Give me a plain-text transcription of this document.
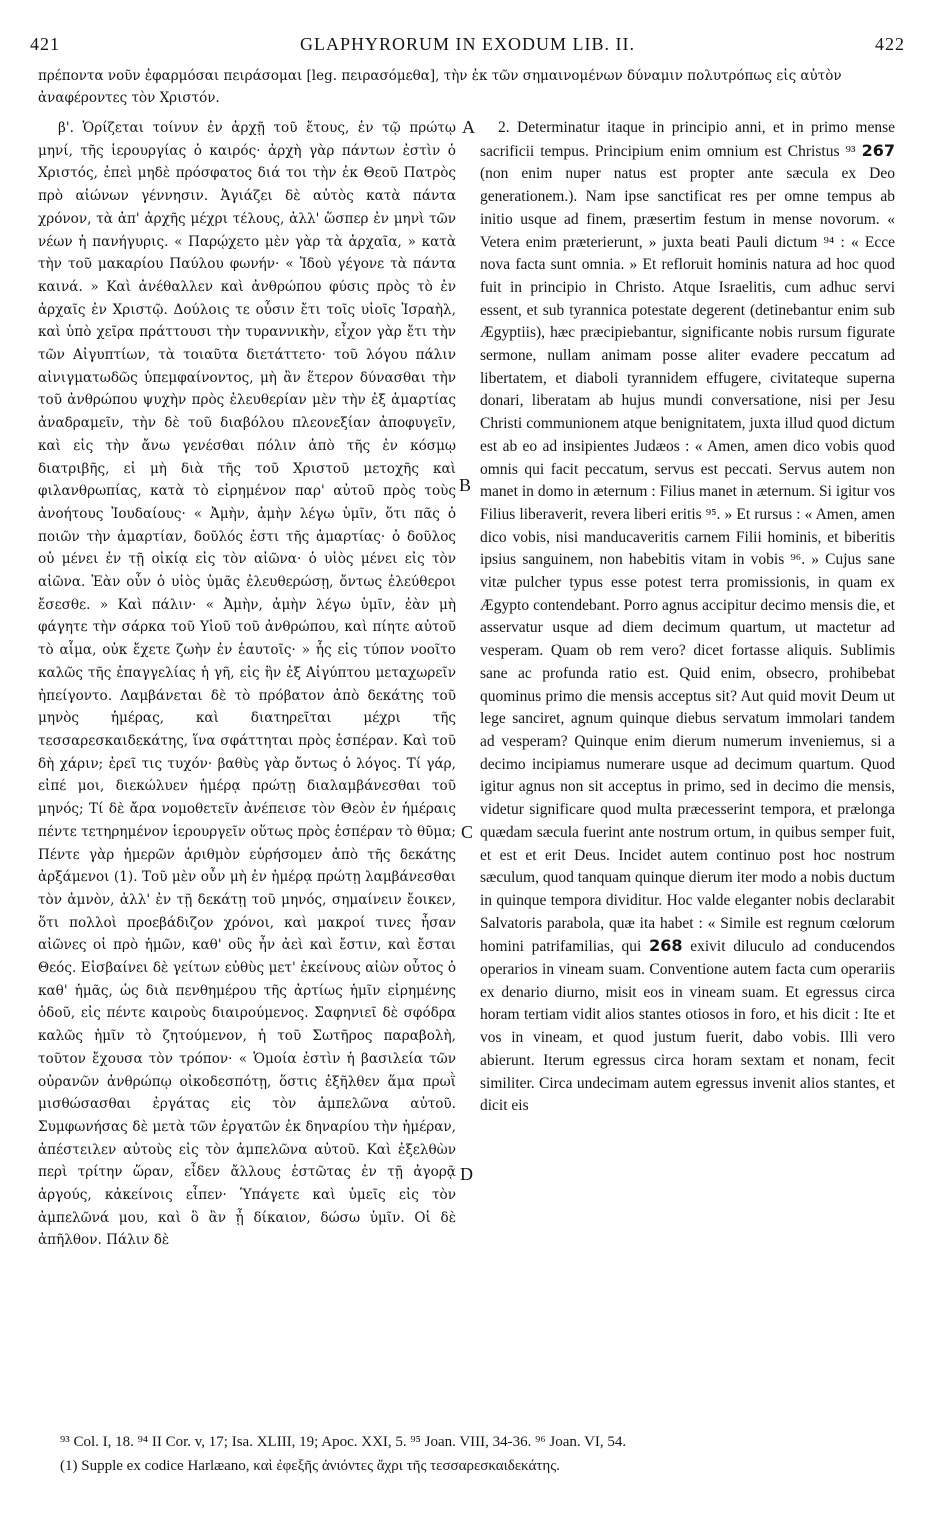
421	GLAPHYRORUM IN EXODUM LIB. II.	422
πρέποντα νοῦν ἐφαρμόσαι πειράσομαι [leg. πειρασόμεθα], τὴν ἐκ τῶν σημαινομένων δύναμιν πολυτρόπως εἰς αὐτὸν ἀναφέροντες τὸν Χριστόν.

β'. Ὁρίζεται τοίνυν ἐν ἀρχῇ τοῦ ἔτους, ἐν τῷ πρώτῳ μηνί, τῆς ἱερουργίας ὁ καιρός· ἀρχὴ γὰρ πάντων ἐστὶν ὁ Χριστός, ἐπεὶ μηδὲ πρόσφατος διά τοι τὴν ἐκ Θεοῦ Πατρὸς πρὸ αἰώνων γέννησιν. Ἁγιάζει δὲ αὐτὸς κατὰ πάντα χρόνον, τὰ ἀπ' ἀρχῆς μέχρι τέλους, ἀλλ' ὥσπερ ἐν μηνὶ τῶν νέων ἡ πανήγυρις. « Παρῴχετο μὲν γὰρ τὰ ἀρχαῖα, » κατὰ τὴν τοῦ μακαρίου Παύλου φωνήν· « Ἰδοὺ γέγονε τὰ πάντα καινά. » Καὶ ἀνέθαλλεν καὶ ἀνθρώπου φύσις πρὸς τὸ ἐν ἀρχαῖς ἐν Χριστῷ. Δούλοις τε οὖσιν ἔτι τοῖς υἱοῖς Ἰσραὴλ, καὶ ὑπὸ χεῖρα πράττουσι τὴν τυραννικὴν, εἶχον γὰρ ἔτι τὴν τῶν Αἰγυπτίων, τὰ τοιαῦτα διετάττετο· τοῦ λόγου πάλιν αἰνιγματωδῶς ὑπεμφαίνοντος, μὴ ἂν ἕτερον δύνασθαι τὴν τοῦ ἀνθρώπου ψυχὴν πρὸς ἐλευθερίαν μὲν τὴν ἐξ ἁμαρτίας ἀναδραμεῖν, τὴν δὲ τοῦ διαβόλου πλεονεξίαν ἀποφυγεῖν, καὶ εἰς τὴν ἄνω γενέσθαι πόλιν ἀπὸ τῆς ἐν κόσμῳ διατριβῆς, εἰ μὴ διὰ τῆς τοῦ Χριστοῦ μετοχῆς καὶ φιλανθρωπίας, κατὰ τὸ εἰρημένον παρ' αὐτοῦ πρὸς τοὺς ἀνοήτους Ἰουδαίους· « Ἀμὴν, ἀμὴν λέγω ὑμῖν, ὅτι πᾶς ὁ ποιῶν τὴν ἁμαρτίαν, δοῦλός ἐστι τῆς ἁμαρτίας· ὁ δοῦλος οὐ μένει ἐν τῇ οἰκίᾳ εἰς τὸν αἰῶνα· ὁ υἱὸς μένει εἰς τὸν αἰῶνα. Ἐὰν οὖν ὁ υἱὸς ὑμᾶς ἐλευθερώσῃ, ὄντως ἐλεύθεροι ἔσεσθε. » Καὶ πάλιν· « Ἀμὴν, ἀμὴν λέγω ὑμῖν, ἐὰν μὴ φάγητε τὴν σάρκα τοῦ Υἱοῦ τοῦ ἀνθρώπου, καὶ πίητε αὐτοῦ τὸ αἷμα, οὐκ ἔχετε ζωὴν ἐν ἑαυτοῖς· » ἧς εἰς τύπον νοοῖτο καλῶς τῆς ἐπαγγελίας ἡ γῆ, εἰς ἣν ἐξ Αἰγύπτου μεταχωρεῖν ἠπείγοντο. Λαμβάνεται δὲ τὸ πρόβατον ἀπὸ δεκάτης τοῦ μηνὸς ἡμέρας, καὶ διατηρεῖται μέχρι τῆς τεσσαρεσκαιδεκάτης, ἵνα σφάττηται πρὸς ἑσπέραν. Καὶ τοῦ δὴ χάριν; ἐρεῖ τις τυχόν· βαθὺς γὰρ ὄντως ὁ λόγος. Τί γάρ, εἰπέ μοι, διεκώλυεν ἡμέρᾳ πρώτῃ διαλαμβάνεσθαι τοῦ μηνός; Τί δὲ ἄρα νομοθετεῖν ἀνέπεισε τὸν Θεὸν ἐν ἡμέραις πέντε τετηρημένον ἱερουργεῖν οὕτως πρὸς ἑσπέραν τὸ θῦμα; Πέντε γὰρ ἡμερῶν ἀριθμὸν εὑρήσομεν ἀπὸ τῆς δεκάτης ἀρξάμενοι (1). Τοῦ μὲν οὖν μὴ ἐν ἡμέρᾳ πρώτῃ λαμβάνεσθαι τὸν ἀμνὸν, ἀλλ' ἐν τῇ δεκάτῃ τοῦ μηνός, σημαίνειν ἔοικεν, ὅτι πολλοὶ προεβάδιζον χρόνοι, καὶ μακροί τινες ἦσαν αἰῶνες οἱ πρὸ ἡμῶν, καθ' οὓς ἦν ἀεὶ καὶ ἔστιν, καὶ ἔσται Θεός. Εἰσβαίνει δὲ γείτων εὐθὺς μετ' ἐκείνους αἰὼν οὗτος ὁ καθ' ἡμᾶς, ὡς διὰ πενθημέρου τῆς ἀρτίως ἡμῖν εἰρημένης ὁδοῦ, εἰς πέντε καιροὺς διαιρούμενος. Σαφηνιεῖ δὲ σφόδρα καλῶς ἡμῖν τὸ ζητούμενον, ἡ τοῦ Σωτῆρος παραβολὴ, τοῦτον ἔχουσα τὸν τρόπον· « Ὁμοία ἐστὶν ἡ βασιλεία τῶν οὐρανῶν ἀνθρώπῳ οἰκοδεσπότῃ, ὅστις ἐξῆλθεν ἅμα πρωῒ μισθώσασθαι ἐργάτας εἰς τὸν ἀμπελῶνα αὐτοῦ. Συμφωνήσας δὲ μετὰ τῶν ἐργατῶν ἐκ δηναρίου τὴν ἡμέραν, ἀπέστειλεν αὐτοὺς εἰς τὸν ἀμπελῶνα αὐτοῦ. Καὶ ἐξελθὼν περὶ τρίτην ὥραν, εἶδεν ἄλλους ἑστῶτας ἐν τῇ ἀγορᾷ ἀργούς, κἀκείνοις εἶπεν· Ὑπάγετε καὶ ὑμεῖς εἰς τὸν ἀμπελῶνά μου, καὶ ὃ ἂν ᾖ δίκαιον, δώσω ὑμῖν. Οἱ δὲ ἀπῆλθον. Πάλιν δὲ

A
B
C
D

2. Determinatur itaque in principio anni, et in primo mense sacrificii tempus. Principium enim omnium est Christus ⁹³ 267 (non enim nuper natus est propter ante sæcula ex Deo generationem.). Nam ipse sanctificat res per omne tempus ab initio usque ad finem, præsertim festum in mense novorum. « Vetera enim præterierunt, » juxta beati Pauli dictum ⁹⁴ : « Ecce nova facta sunt omnia. » Et refloruit hominis natura ad hoc quod fuit in principio in Christo. Atque Israelitis, cum adhuc servi essent, et sub tyrannica potestate degerent (detinebantur enim sub Ægyptiis), hæc præcipiebantur, significante nobis rursum figurate sermone, nullam animam posse aliter evadere peccatum ad libertatem, et diaboli tyrannidem effugere, civitateque superna donari, liberatam ab hujus mundi conversatione, nisi per Jesu Christi communionem atque benignitatem, juxta illud quod dictum est ab eo ad insipientes Judæos : « Amen, amen dico vobis quod omnis qui facit peccatum, servus est peccati. Servus autem non manet in domo in æternum : Filius manet in æternum. Si igitur vos Filius liberaverit, revera liberi eritis ⁹⁵. » Et rursus : « Amen, amen dico vobis, nisi manducaveritis carnem Filii hominis, et biberitis ipsius sanguinem, non habebitis vitam in vobis ⁹⁶. » Cujus sane vitæ pulcher typus esse potest terra promissionis, in quam ex Ægypto contendebant. Porro agnus accipitur decimo mensis die, et asservatur usque ad diem decimum quartum, ut mactetur ad vesperam. Quam ob rem vero? dicet fortasse aliquis. Sublimis sane ac profunda ratio est. Quid enim, obsecro, prohibebat quominus primo die mensis acceptus sit? Aut quid movit Deum ut lege sanciret, agnum quinque diebus servatum immolari tandem ad vesperam? Quinque enim dierum numerum inveniemus, si a decimo incipiamus numerare usque ad decimum quartum. Quod igitur agnus non sit acceptus in primo, sed in decimo die mensis, videtur significare quod multa præcesserint tempora, et prælonga quædam sæcula fuerint ante nostrum ortum, in quibus semper fuit, et est et erit Deus. Incidet autem continuo post hoc nostrum sæculum, quod tanquam quinque dierum iter modo a nobis ductum in quinque tempora dividitur. Hoc valde eleganter nobis declarabit Salvatoris parabola, quæ ita habet : « Simile est regnum cœlorum homini patrifamilias, qui 268 exivit diluculo ad conducendos operarios in vineam suam. Conventione autem facta cum operariis ex denario diurno, misit eos in vineam suam. Et egressus circa horam tertiam vidit alios stantes otiosos in foro, et his dicit : Ite et vos in vineam, et quod justum fuerit, dabo vobis. Illi vero abierunt. Iterum egressus circa horam sextam et nonam, fecit similiter. Circa undecimam autem egressus invenit alios stantes, et dicit eis

⁹³ Col. I, 18. ⁹⁴ II Cor. v, 17; Isa. XLIII, 19; Apoc. XXI, 5. ⁹⁵ Joan. VIII, 34-36. ⁹⁶ Joan. VI, 54.
(1) Supple ex codice Harlæano, καὶ ἐφεξῆς ἀνιόντες ἄχρι τῆς τεσσαρεσκαιδεκάτης.
